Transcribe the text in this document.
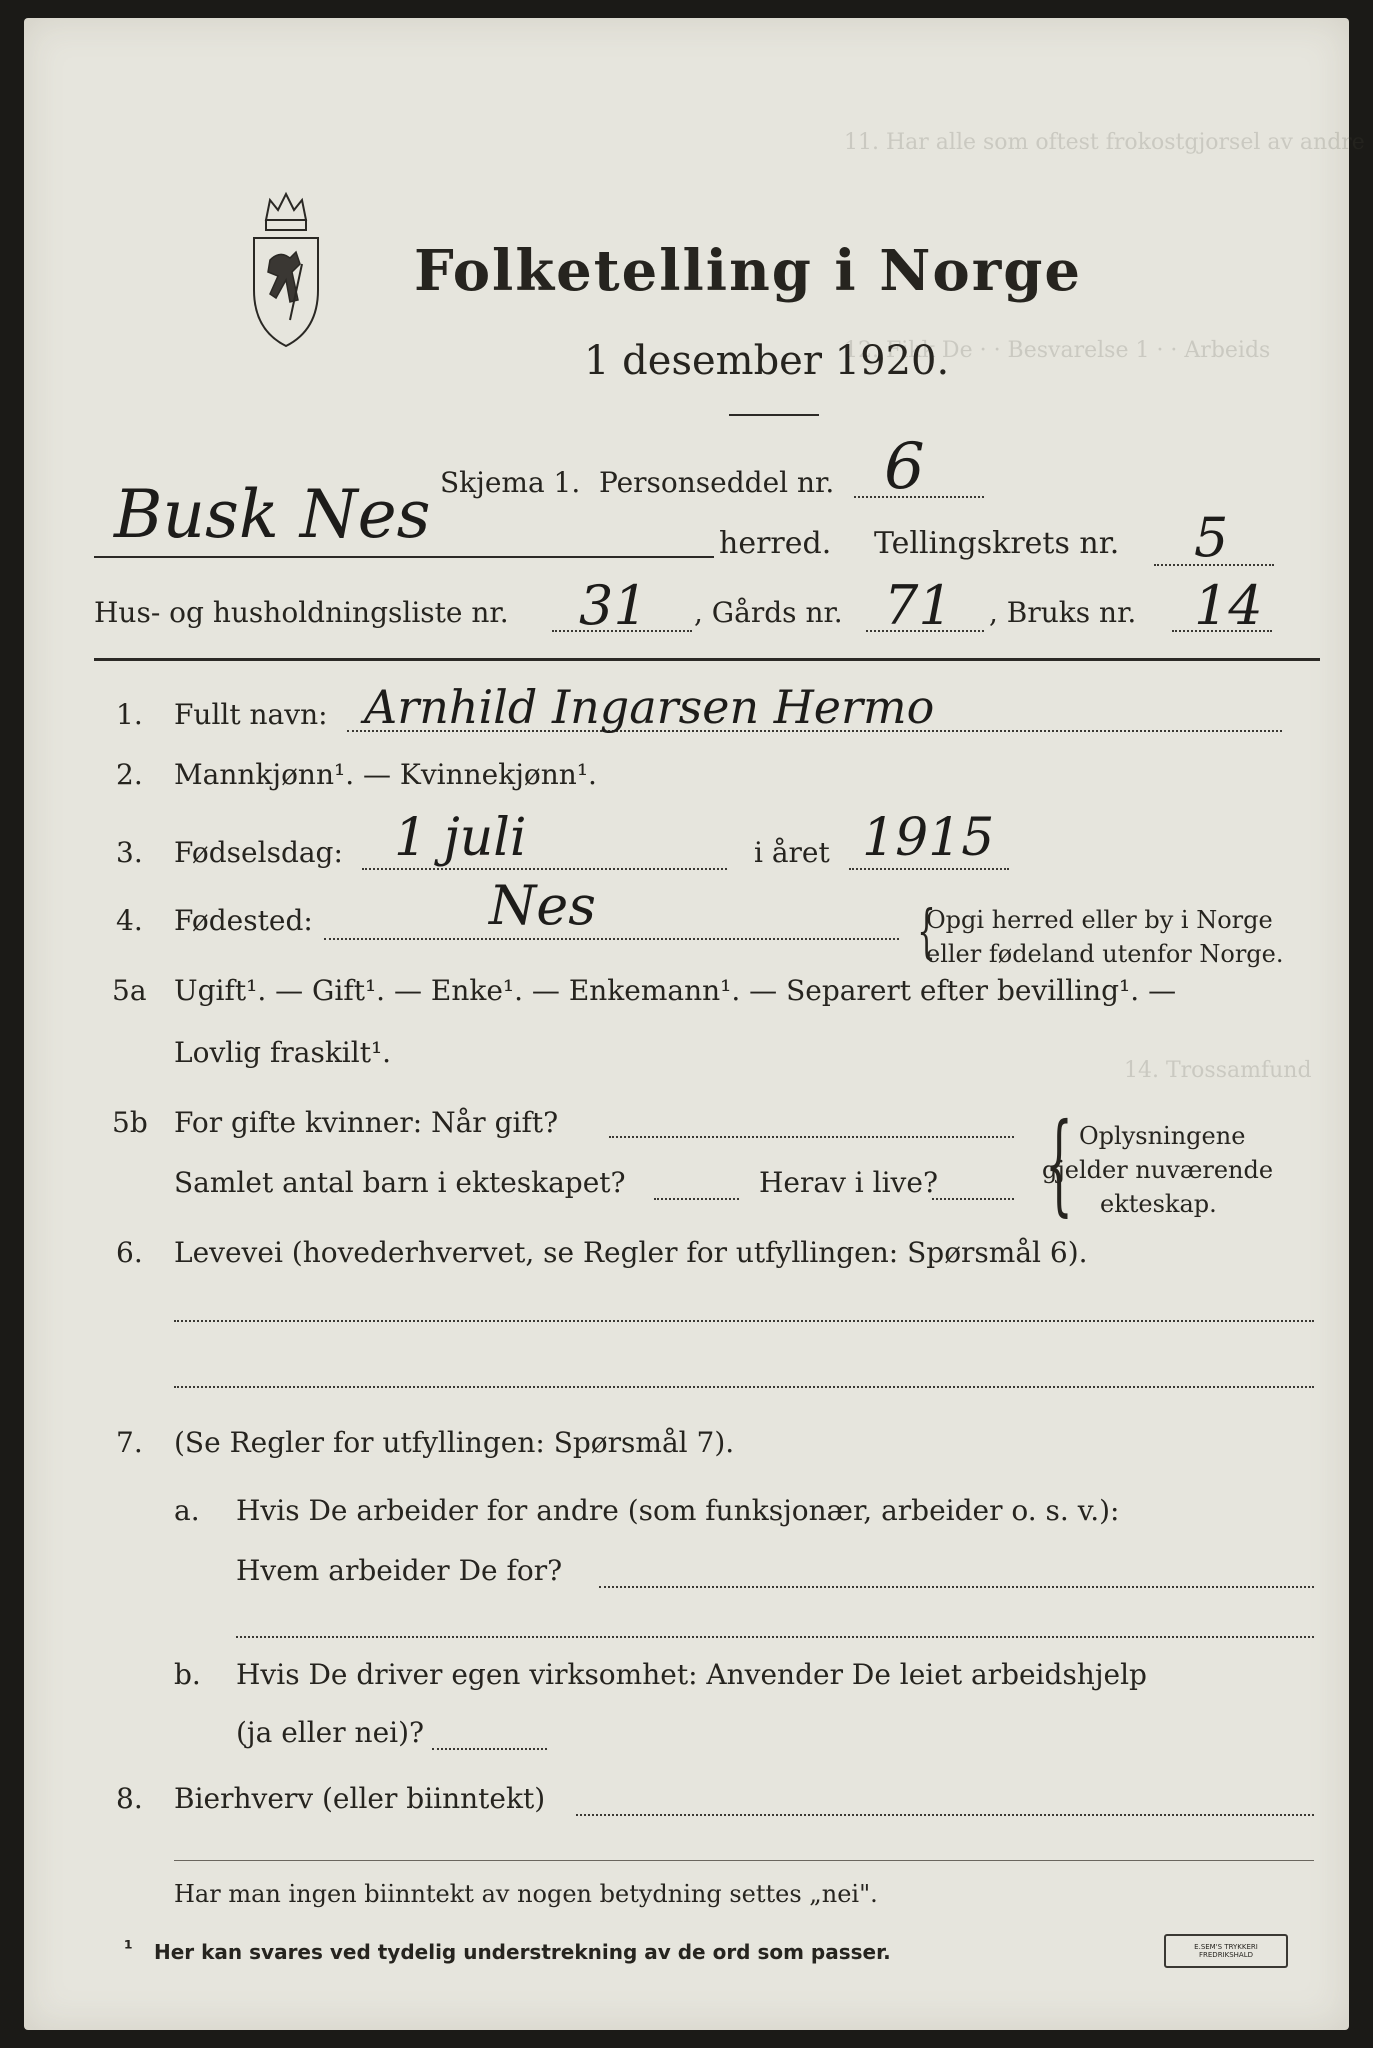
11. Har alle som oftest frokostgjorsel av andre
12. Fikk De · · Besvarelse 1 · · Arbeids
14. Trossamfund
Folketelling i Norge
1 desember 1920.
Skjema 1. Personseddel nr. 6
Busk Nes	herred. Tellingskrets nr. 5
Hus- og husholdningsliste nr. 31 , Gårds nr. 71 , Bruks nr. 14
1. Fullt navn: Arnhild Ingarsen Hermo
2. Mannkjønn¹. — Kvinnekjønn¹.
3. Fødselsdag: 1 juli	i året 1915
4. Fødested:	Nes	{
Opgi herred eller by i Norge
eller fødeland utenfor Norge.
5a Ugift¹. — Gift¹. — Enke¹. — Enkemann¹. — Separert efter bevilling¹. —
Lovlig fraskilt¹.
5b For gifte kvinner: Når gift?
Samlet antal barn i ekteskapet?	Herav i live? { Oplysningene
gjelder nuværende
ekteskap.
6. Levevei (hovederhvervet, se Regler for utfyllingen: Spørsmål 6).
7. (Se Regler for utfyllingen: Spørsmål 7).
a. Hvis De arbeider for andre (som funksjonær, arbeider o. s. v.):
Hvem arbeider De for?
b. Hvis De driver egen virksomhet: Anvender De leiet arbeidshjelp
(ja eller nei)?
8. Bierhverv (eller biinntekt)
Har man ingen biinntekt av nogen betydning settes „nei".
¹ Her kan svares ved tydelig understrekning av de ord som passer.	E.SEM'S TRYKKERI FREDRIKSHALD
